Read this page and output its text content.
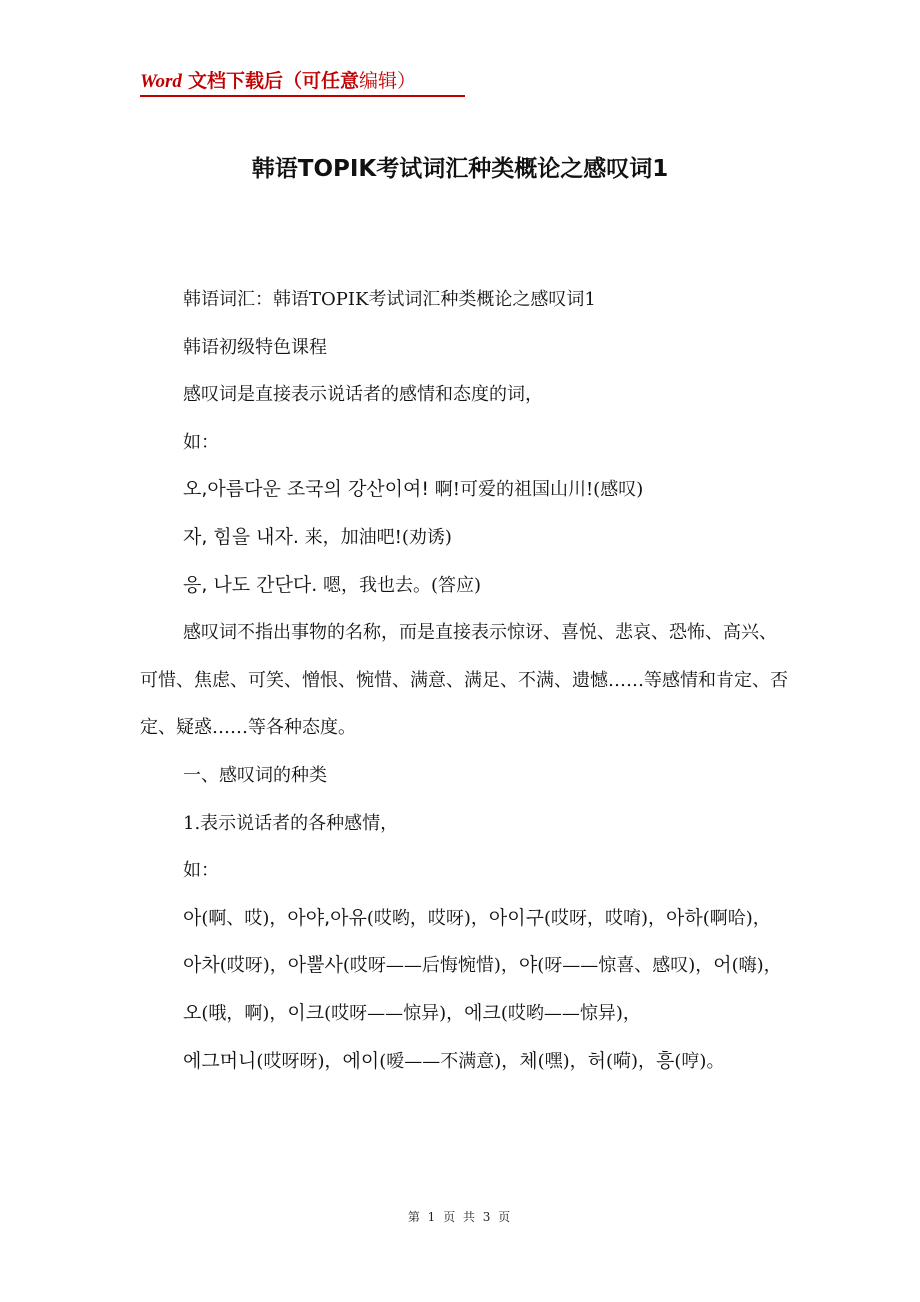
Word 文档下载后（可任意编辑）
韩语TOPIK考试词汇种类概论之感叹词1

韩语词汇：韩语TOPIK考试词汇种类概论之感叹词1

韩语初级特色课程

感叹词是直接表示说话者的感情和态度的词，

如：

오,아름다운 조국의 강산이여! 啊!可爱的祖国山川!(感叹)

자, 힘을 내자. 来，加油吧!(劝诱)

응, 나도 간단다. 嗯，我也去。(答应)

感叹词不指出事物的名称，而是直接表示惊讶、喜悦、悲哀、恐怖、高兴、可惜、焦虑、可笑、憎恨、惋惜、满意、满足、不满、遗憾……等感情和肯定、否定、疑惑……等各种态度。

一、感叹词的种类

1.表示说话者的各种感情，

如：

아(啊、哎)，아야,아유(哎哟，哎呀)，아이구(哎呀，哎唷)，아하(啊哈)，

아차(哎呀)，아뿔사(哎呀——后悔惋惜)，야(呀——惊喜、感叹)，어(嗨)，

오(哦，啊)，이크(哎呀——惊异)，에크(哎哟——惊异)，

에그머니(哎呀呀)，에이(嗳——不满意)，체(嘿)，허(嗬)，흥(哼)。

第 1 页 共 3 页
